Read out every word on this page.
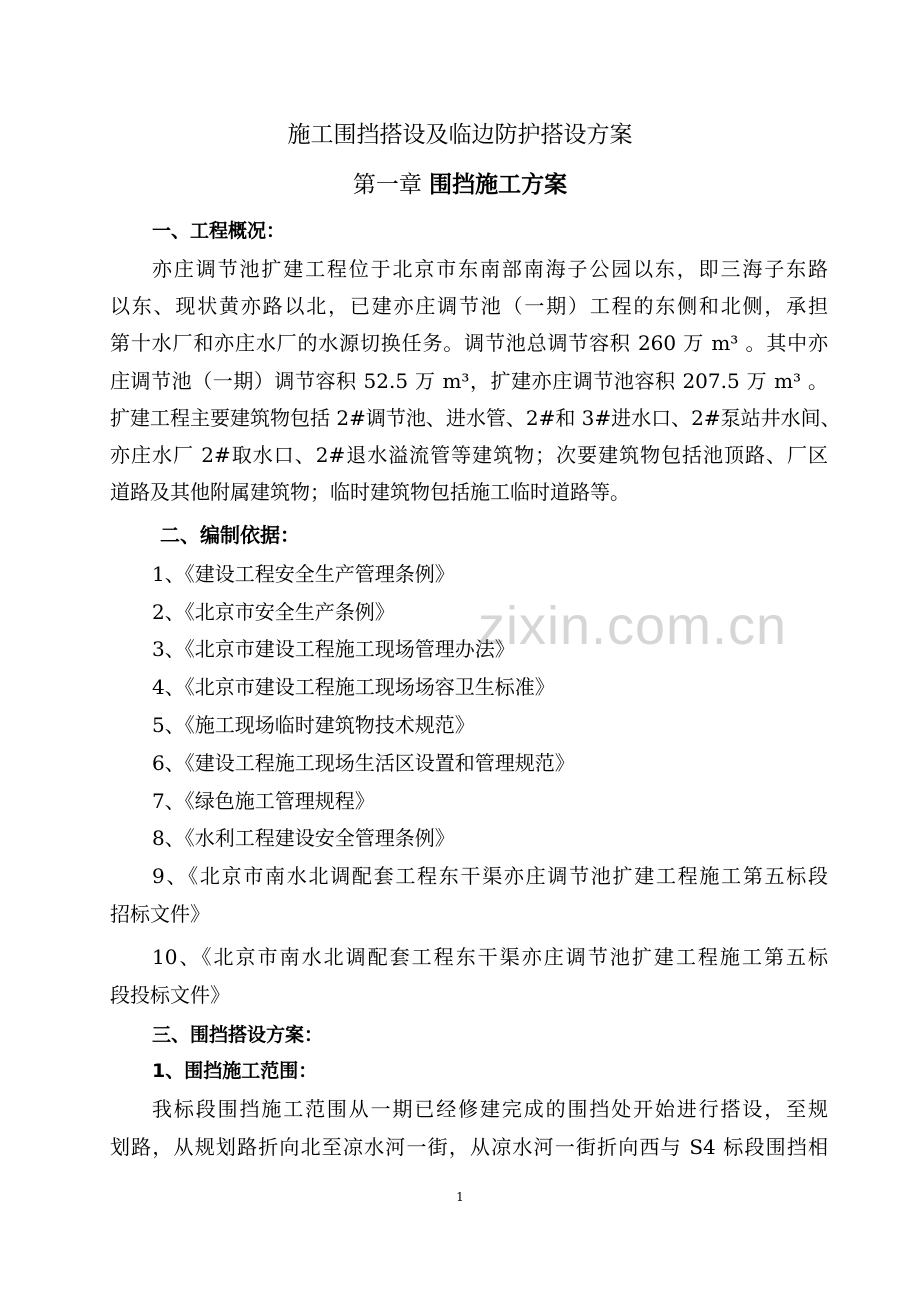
zixin.com.cn
施工围挡搭设及临边防护搭设方案
第一章 围挡施工方案
一、工程概况：
亦庄调节池扩建工程位于北京市东南部南海子公园以东，即三海子东路
以东、现状黄亦路以北，已建亦庄调节池（一期）工程的东侧和北侧，承担
第十水厂和亦庄水厂的水源切换任务。调节池总调节容积 260 万 m³ 。其中亦
庄调节池（一期）调节容积 52.5 万 m³，扩建亦庄调节池容积 207.5 万 m³ 。
扩建工程主要建筑物包括 2#调节池、进水管、2#和 3#进水口、2#泵站井水间、
亦庄水厂 2#取水口、2#退水溢流管等建筑物；次要建筑物包括池顶路、厂区
道路及其他附属建筑物；临时建筑物包括施工临时道路等。
二、编制依据：
1、《建设工程安全生产管理条例》
2、《北京市安全生产条例》
3、《北京市建设工程施工现场管理办法》
4、《北京市建设工程施工现场场容卫生标准》
5、《施工现场临时建筑物技术规范》
6、《建设工程施工现场生活区设置和管理规范》
7、《绿色施工管理规程》
8、《水利工程建设安全管理条例》
9、《北京市南水北调配套工程东干渠亦庄调节池扩建工程施工第五标段
招标文件》
10、《北京市南水北调配套工程东干渠亦庄调节池扩建工程施工第五标
段投标文件》
三、围挡搭设方案：
1、围挡施工范围：
我标段围挡施工范围从一期已经修建完成的围挡处开始进行搭设，至规
划路，从规划路折向北至凉水河一街，从凉水河一街折向西与 S4 标段围挡相
1
